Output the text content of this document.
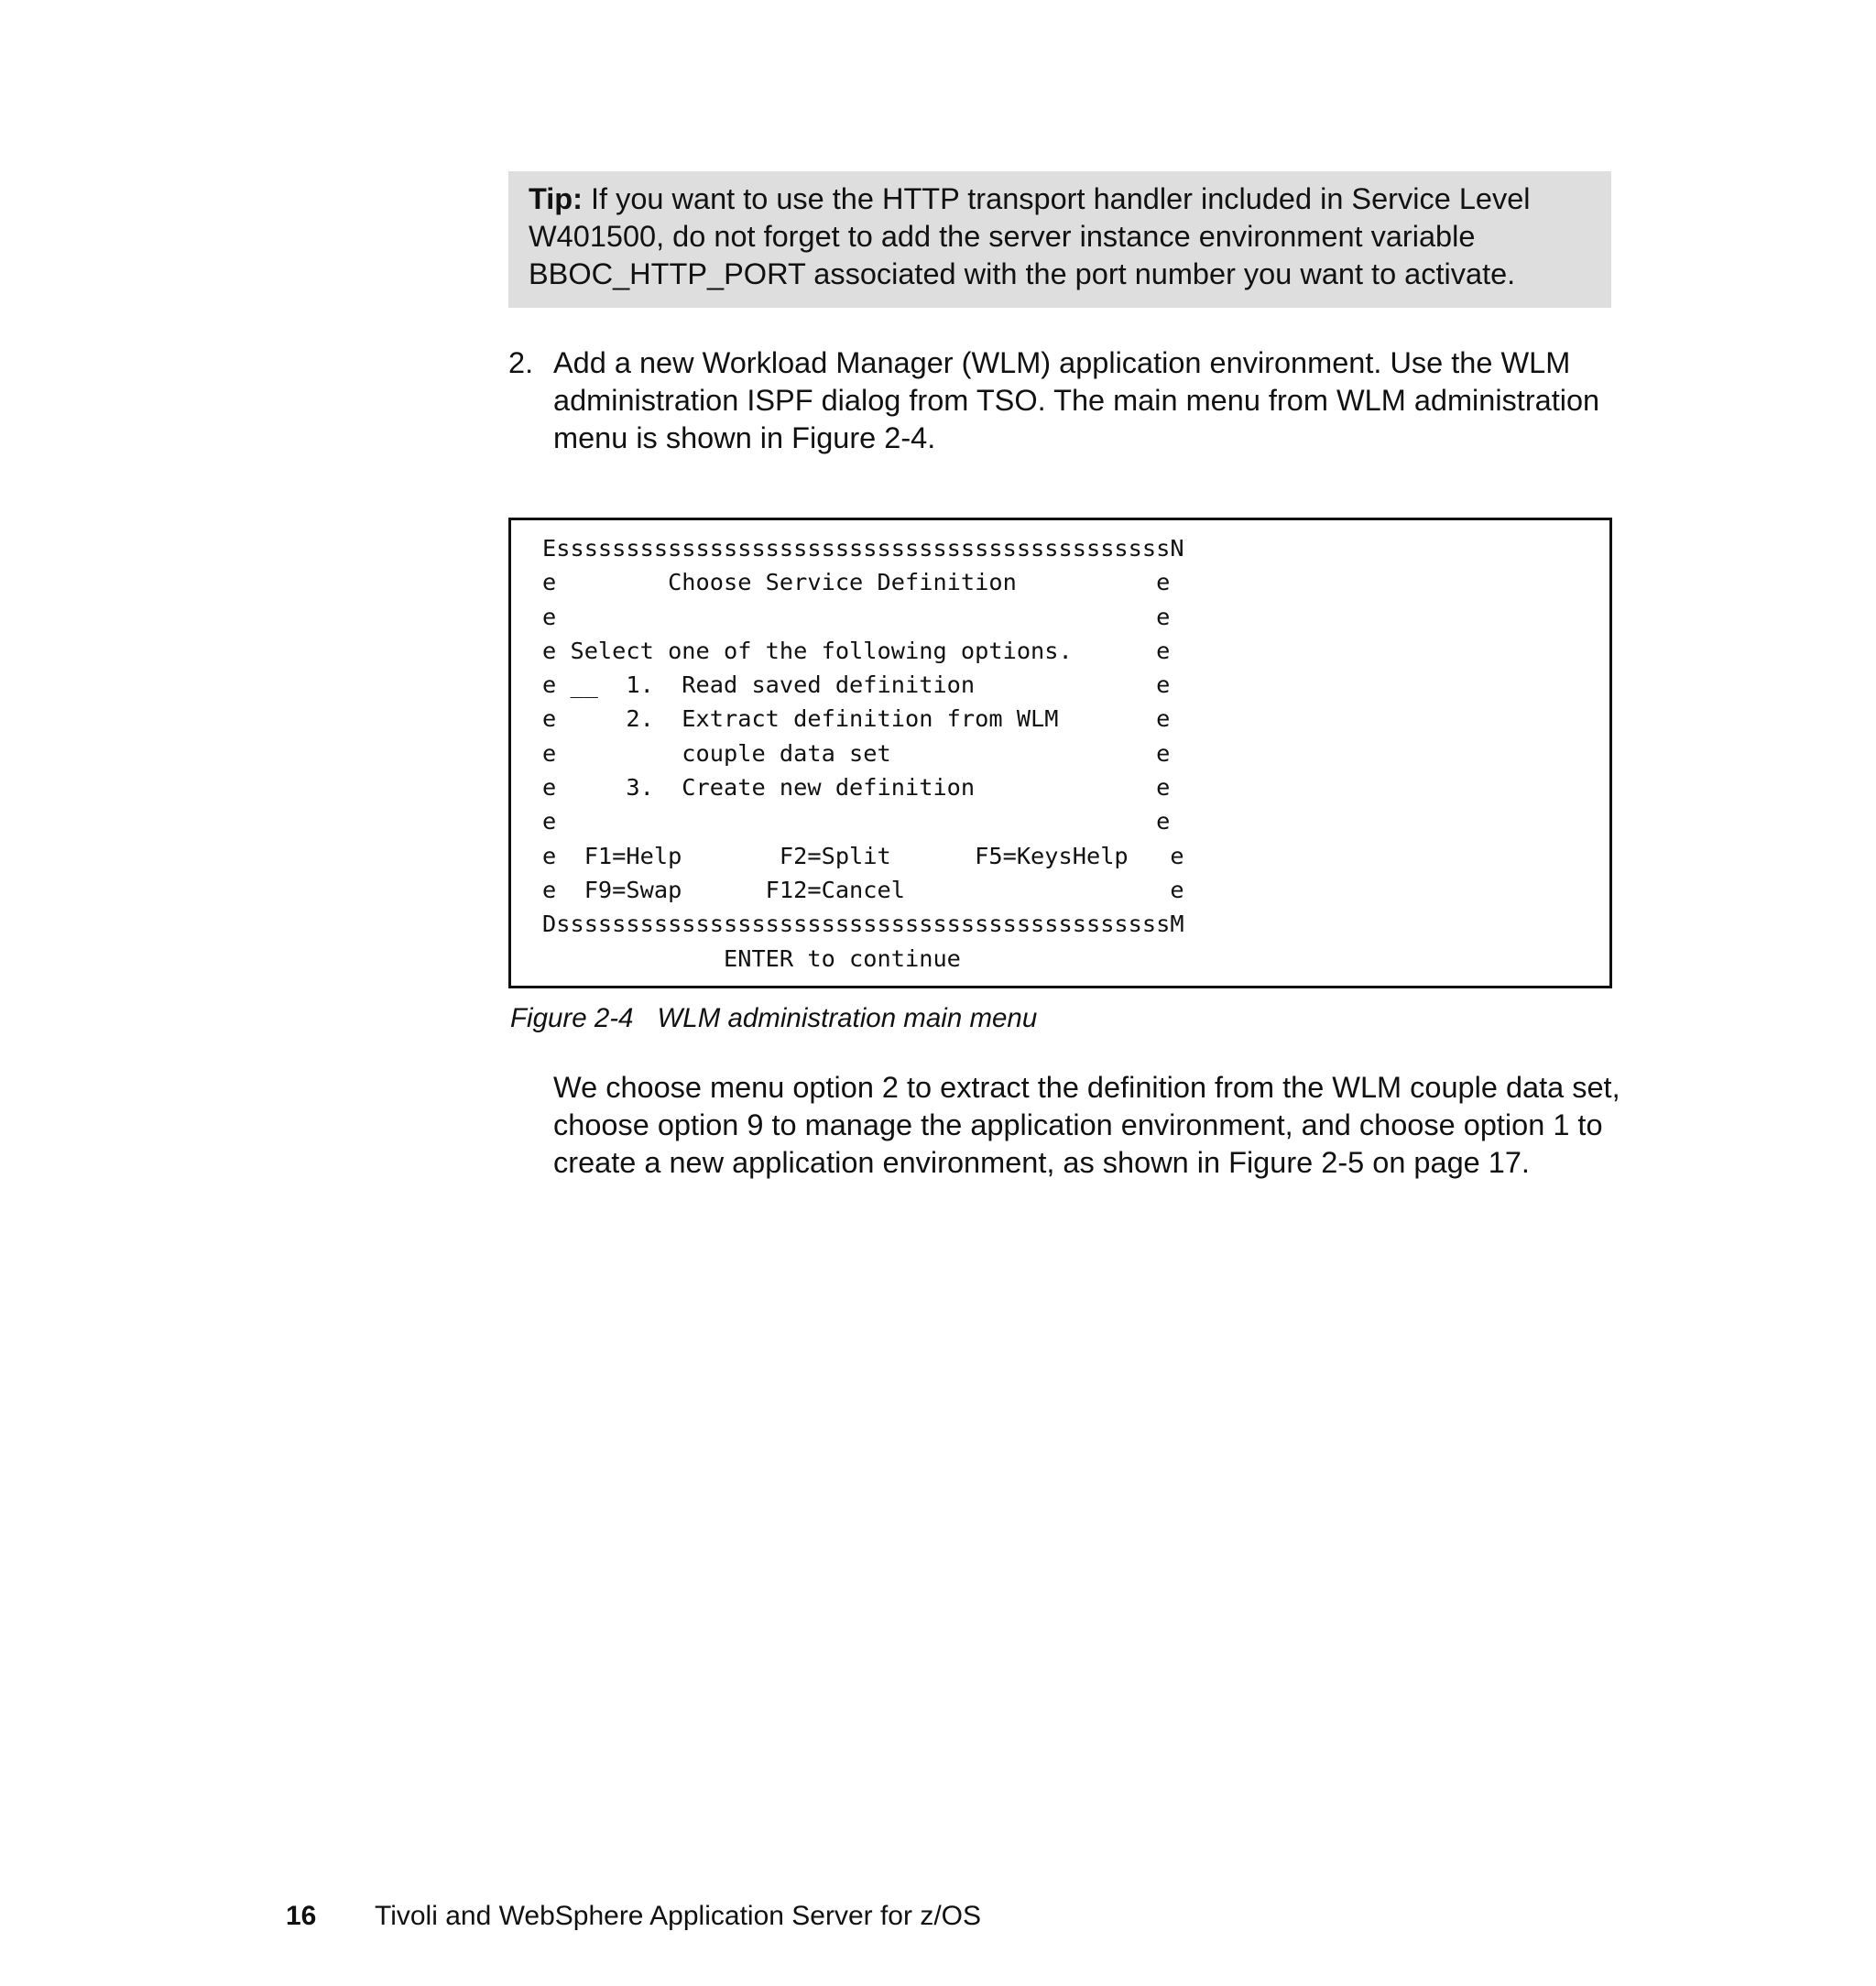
Tip: If you want to use the HTTP transport handler included in Service Level W401500, do not forget to add the server instance environment variable BBOC_HTTP_PORT associated with the port number you want to activate.
2. Add a new Workload Manager (WLM) application environment. Use the WLM administration ISPF dialog from TSO. The main menu from WLM administration menu is shown in Figure 2-4.
EssssssssssssssssssssssssssssssssssssssssssssN
e        Choose Service Definition          e
e                                           e
e Select one of the following options.      e
e __  1.  Read saved definition             e
e     2.  Extract definition from WLM       e
e         couple data set                   e
e     3.  Create new definition             e
e                                           e
e  F1=Help       F2=Split      F5=KeysHelp   e
e  F9=Swap      F12=Cancel                   e
DssssssssssssssssssssssssssssssssssssssssssssM
ENTER to continue
Figure 2-4 WLM administration main menu
We choose menu option 2 to extract the definition from the WLM couple data set, choose option 9 to manage the application environment, and choose option 1 to create a new application environment, as shown in Figure 2-5 on page 17.
16 Tivoli and WebSphere Application Server for z/OS
